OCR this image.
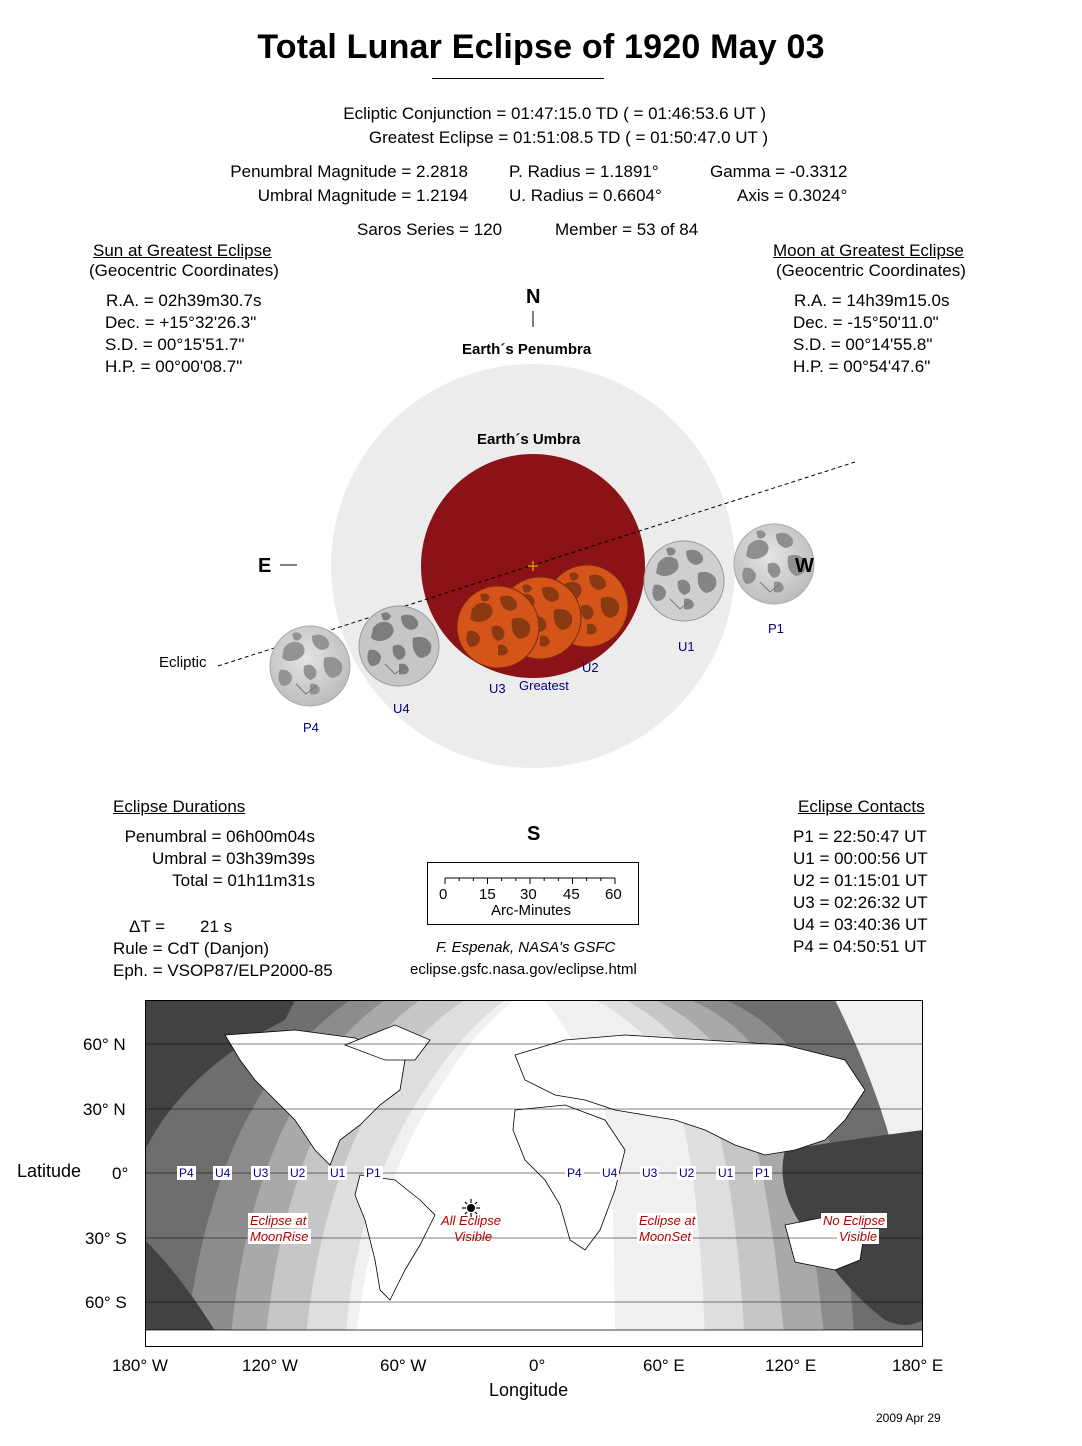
Total Lunar Eclipse of 1920 May 03
Ecliptic Conjunction = 01:47:15.0 TD ( = 01:46:53.6 UT )
Greatest Eclipse = 01:51:08.5 TD ( = 01:50:47.0 UT )
Penumbral Magnitude = 2.2818
Umbral Magnitude = 1.2194
P. Radius = 1.1891°
U. Radius = 0.6604°
Gamma = -0.3312
Axis = 0.3024°
Saros Series = 120	Member = 53 of 84
Sun at Greatest Eclipse
(Geocentric Coordinates)
R.A. = 02h39m30.7s
Dec. = +15°32'26.3"
S.D. = 00°15'51.7"
H.P. = 00°00'08.7"
Moon at Greatest Eclipse
(Geocentric Coordinates)
R.A. = 14h39m15.0s
Dec. = -15°50'11.0"
S.D. = 00°14'55.8"
H.P. = 00°54'47.6"
N
S
E	W
Earth´s Penumbra
Earth´s Umbra
Ecliptic
P1
U1
U2
Greatest
U3
U4
P4
Eclipse Durations
Penumbral = 06h00m04s
Umbral = 03h39m39s
Total = 01h11m31s
ΔT = 21 s
Rule = CdT (Danjon)
Eph. = VSOP87/ELP2000-85
0 15 30 45 60
Arc-Minutes
F. Espenak, NASA's GSFC
eclipse.gsfc.nasa.gov/eclipse.html
Eclipse Contacts
P1 = 22:50:47 UT
U1 = 00:00:56 UT
U2 = 01:15:01 UT
U3 = 02:26:32 UT
U4 = 03:40:36 UT
P4 = 04:50:51 UT
P4 U4 U3 U2 U1 P1	P4 U4 U3 U2 U1 P1
Eclipse at
MoonRise
All Eclipse
Visible
Eclipse at
MoonSet
No Eclipse
Visible
60° N
30° N
0°
30° S
60° S
Latitude
180° W	120° W	60° W	0°	60° E	120° E	180° E
Longitude
2009 Apr 29
